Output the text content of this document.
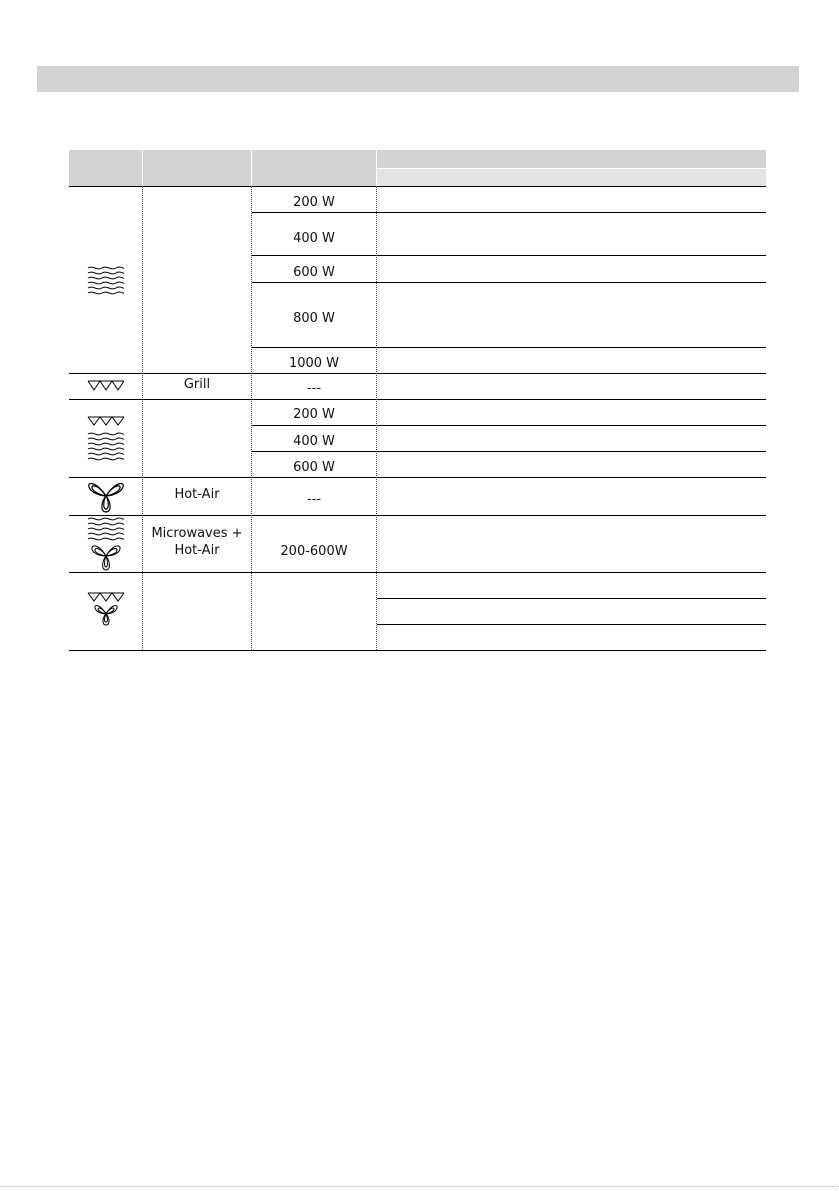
200 W
400 W
600 W
800 W
1000 W
---
200 W
400 W
600 W
---
200-600W
Grill
Hot-Air
Microwaves +
Hot-Air
